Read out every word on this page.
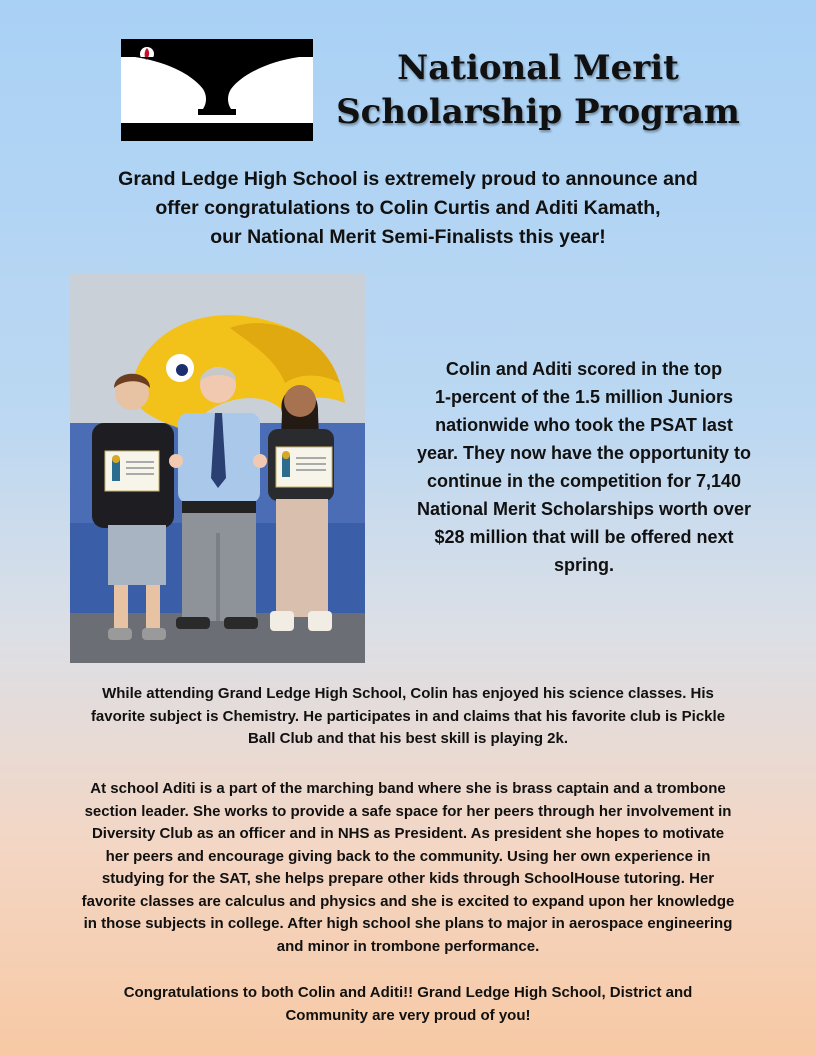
National Merit
Scholarship Program
Grand Ledge High School is extremely proud to announce and
offer congratulations to Colin Curtis and Aditi Kamath,
our National Merit Semi-Finalists this year!
Colin and Aditi scored in the top
1-percent of the 1.5 million Juniors
nationwide who took the PSAT last
year. They now have the opportunity to
continue in the competition for 7,140
National Merit Scholarships worth over
$28 million that will be offered next
spring.
While attending Grand Ledge High School, Colin has enjoyed his science classes. His
favorite subject is Chemistry. He participates in and claims that his favorite club is Pickle
Ball Club and that his best skill is playing 2k.
At school Aditi is a part of the marching band where she is brass captain and a trombone
section leader. She works to provide a safe space for her peers through her involvement in
Diversity Club as an officer and in NHS as President. As president she hopes to motivate
her peers and encourage giving back to the community. Using her own experience in
studying for the SAT, she helps prepare other kids through SchoolHouse tutoring. Her
favorite classes are calculus and physics and she is excited to expand upon her knowledge
in those subjects in college. After high school she plans to major in aerospace engineering
and minor in trombone performance.
Congratulations to both Colin and Aditi!! Grand Ledge High School, District and
Community are very proud of you!
